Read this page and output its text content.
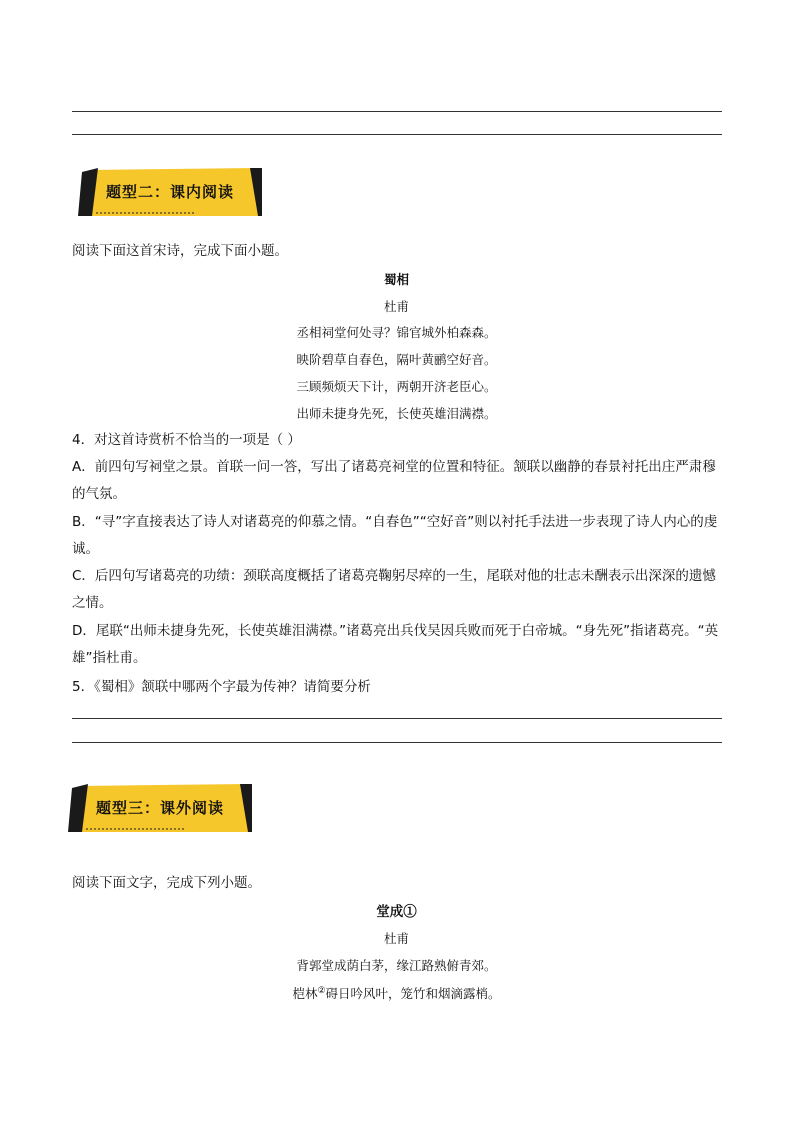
题型二：课内阅读
阅读下面这首宋诗，完成下面小题。
蜀相
杜甫
丞相祠堂何处寻？锦官城外柏森森。
映阶碧草自春色，隔叶黄鹂空好音。
三顾频烦天下计，两朝开济老臣心。
出师未捷身先死，长使英雄泪满襟。
4．对这首诗赏析不恰当的一项是（ ）
A．前四句写祠堂之景。首联一问一答，写出了诸葛亮祠堂的位置和特征。颔联以幽静的春景衬托出庄严肃穆的气氛。
B．“寻”字直接表达了诗人对诸葛亮的仰慕之情。“自春色”“空好音”则以衬托手法进一步表现了诗人内心的虔诚。
C．后四句写诸葛亮的功绩：颈联高度概括了诸葛亮鞠躬尽瘁的一生，尾联对他的壮志未酬表示出深深的遗憾之情。
D．尾联“出师未捷身先死，长使英雄泪满襟。”诸葛亮出兵伐吴因兵败而死于白帝城。“身先死”指诸葛亮。“英雄”指杜甫。
5．《蜀相》颔联中哪两个字最为传神？请简要分析
题型三：课外阅读
阅读下面文字，完成下列小题。
堂成①
杜甫
背郭堂成荫白茅，缘江路熟俯青郊。
桤林②碍日吟风叶，笼竹和烟滴露梢。
